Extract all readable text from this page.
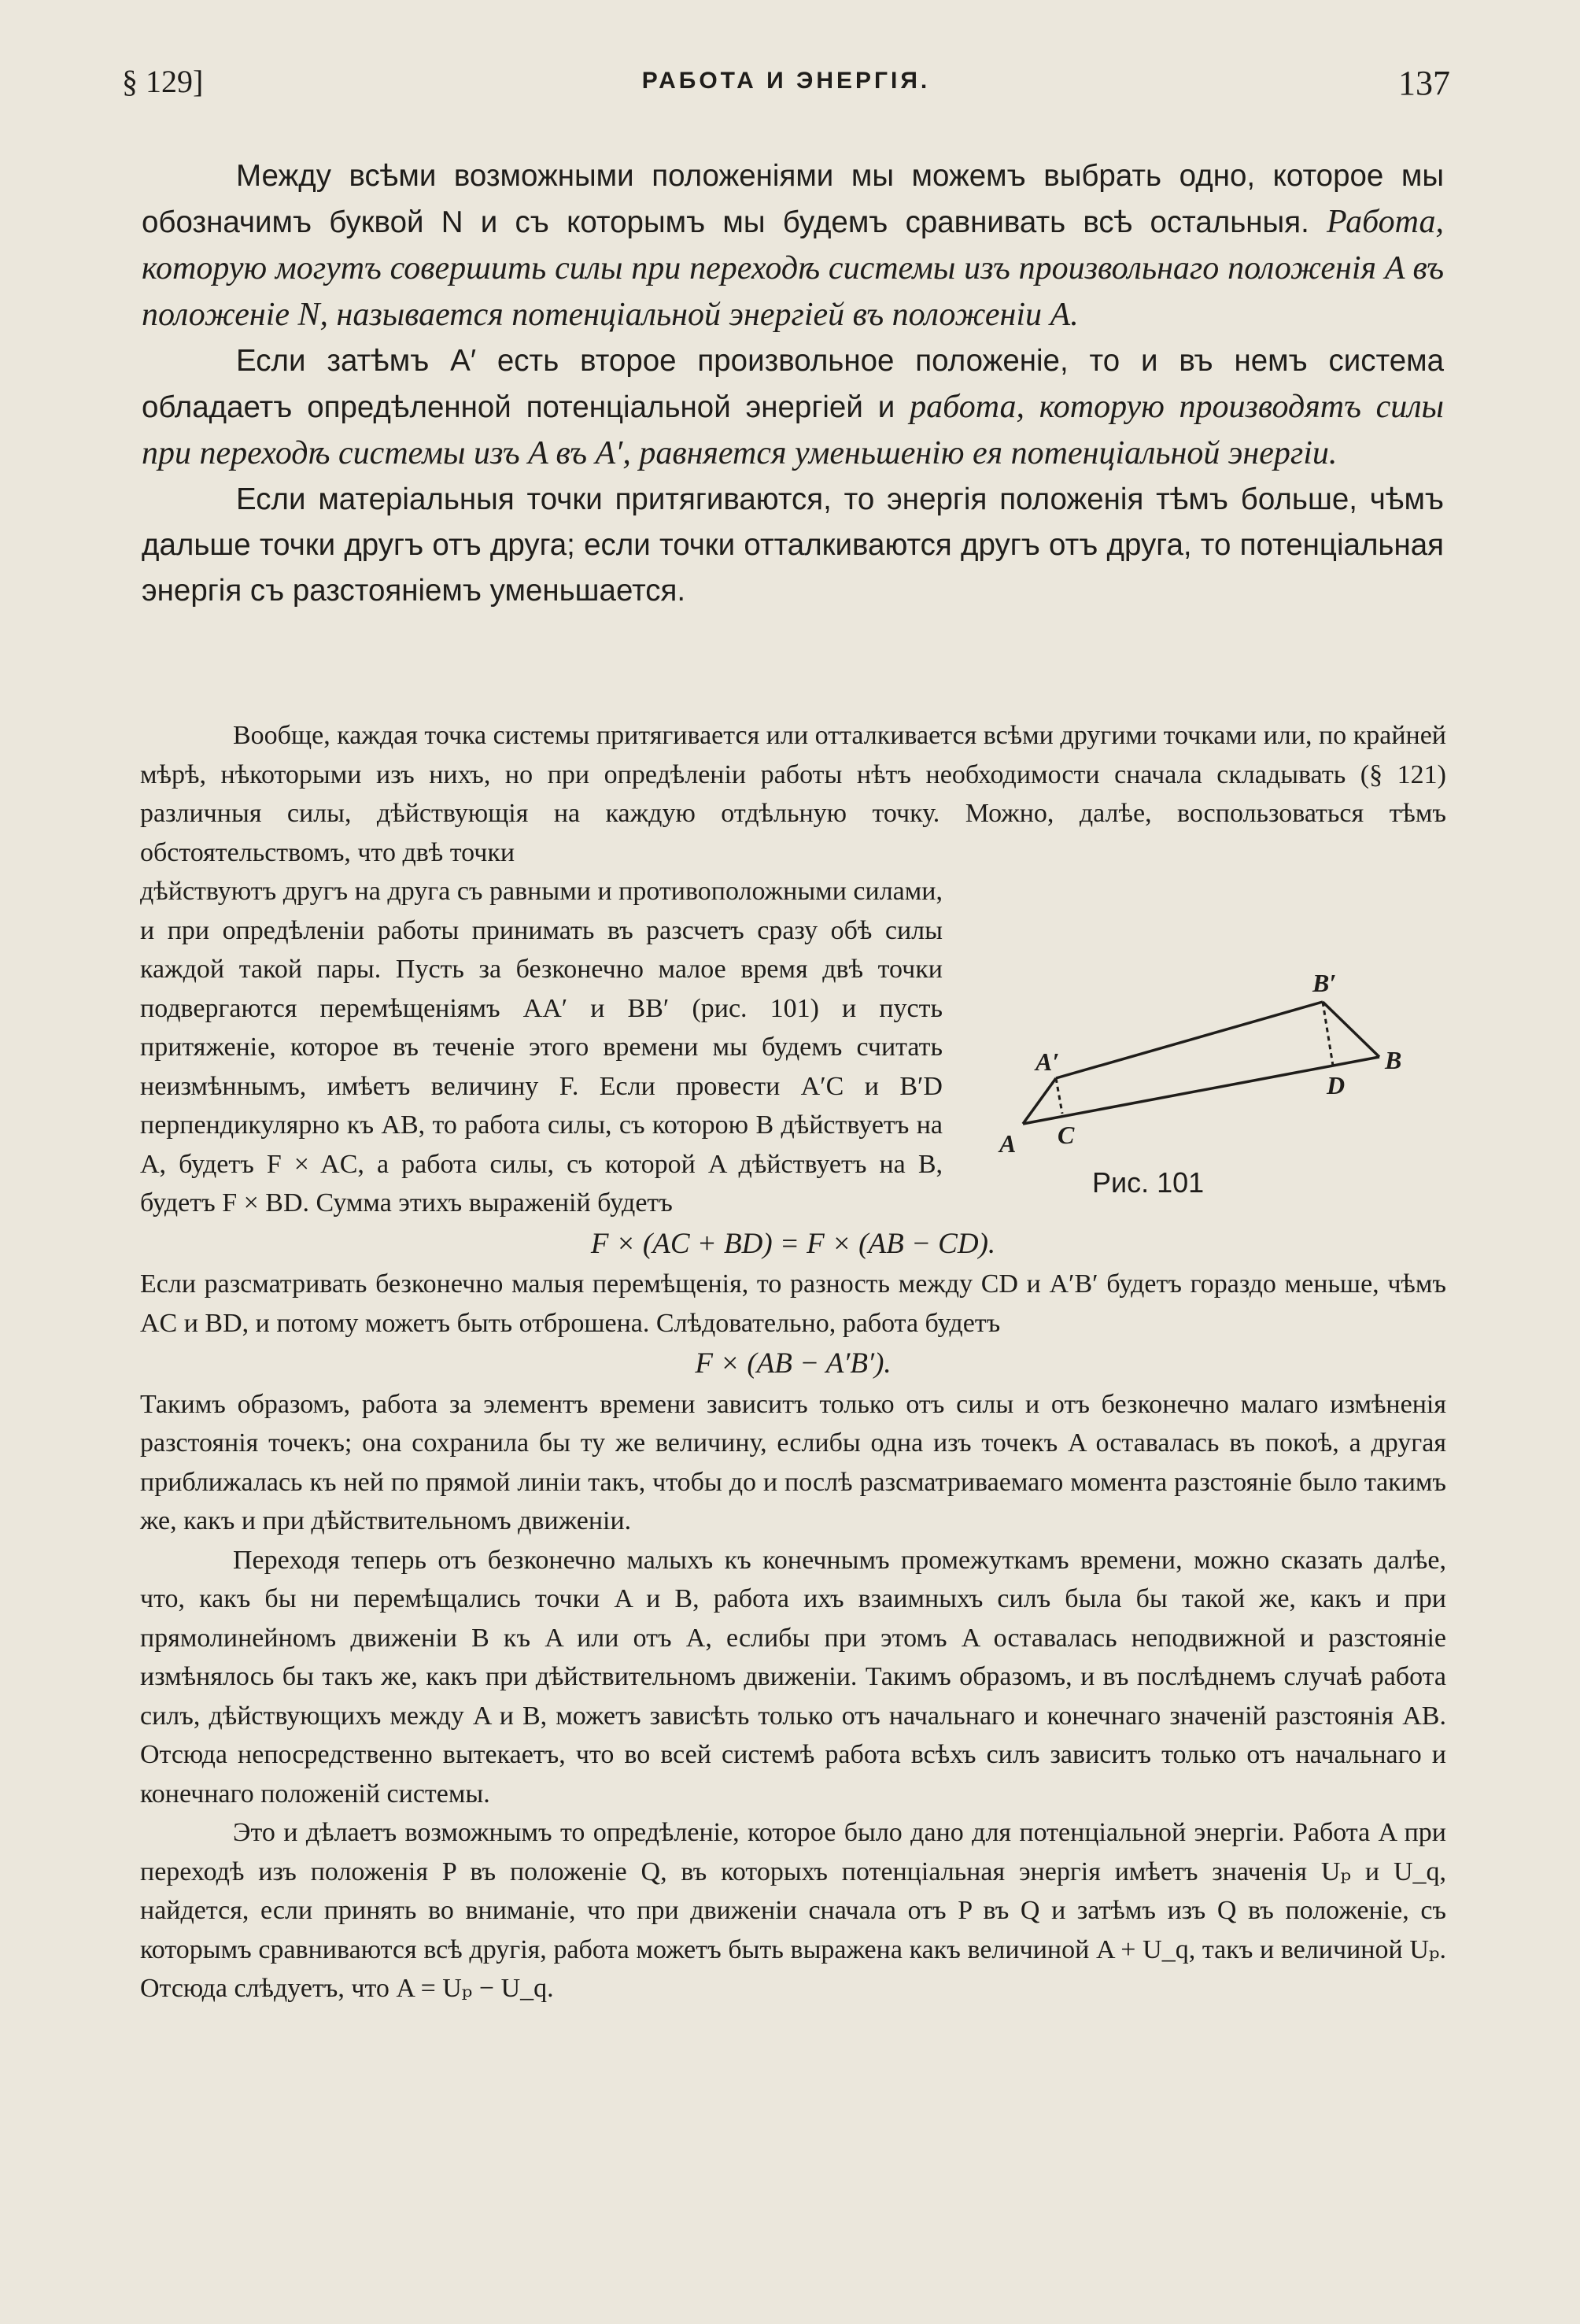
§ 129]	РАБОТА И ЭНЕРГІЯ.	137

Между всѣми возможными положеніями мы можемъ выбрать одно, которое мы обозначимъ буквой N и съ которымъ мы будемъ сравнивать всѣ остальныя. Работа, которую могутъ совершить силы при переходѣ системы изъ произвольнаго положенія A въ положеніе N, называется потенціальной энергіей въ положеніи A.

Если затѣмъ A′ есть второе произвольное положеніе, то и въ немъ система обладаетъ опредѣленной потенціальной энергіей и работа, которую производятъ силы при переходѣ системы изъ A въ A′, равняется уменьшенію ея потенціальной энергіи.

Если матеріальныя точки притягиваются, то энергія положенія тѣмъ больше, чѣмъ дальше точки другъ отъ друга; если точки отталкиваются другъ отъ друга, то потенціальная энергія съ разстояніемъ уменьшается.

Вообще, каждая точка системы притягивается или отталкивается всѣми другими точками или, по крайней мѣрѣ, нѣкоторыми изъ нихъ, но при опредѣленіи работы нѣтъ необходимости сначала складывать (§ 121) различныя силы, дѣйствующія на каждую отдѣльную точку. Можно, далѣе, воспользоваться тѣмъ обстоятельствомъ, что двѣ точки

A
A′
C
B′
B
D
Рис. 101

дѣйствуютъ другъ на друга съ равными и противоположными силами, и при опредѣленіи работы принимать въ разсчетъ сразу обѣ силы каждой такой пары. Пусть за безконечно малое время двѣ точки подвергаются перемѣщеніямъ AA′ и BB′ (рис. 101) и пусть притяженіе, которое въ теченіе этого времени мы будемъ считать неизмѣннымъ, имѣетъ величину F. Если провести A′C и B′D перпендикулярно къ AB, то работа силы, съ которою B дѣйствуетъ на A, будетъ F × AC, а работа силы, съ которой A дѣйствуетъ на B, будетъ F × BD. Сумма этихъ выраженій будетъ

F × (AC + BD) = F × (AB − CD).

Если разсматривать безконечно малыя перемѣщенія, то разность между CD и A′B′ будетъ гораздо меньше, чѣмъ AC и BD, и потому можетъ быть отброшена. Слѣдовательно, работа будетъ

F × (AB − A′B′).

Такимъ образомъ, работа за элементъ времени зависитъ только отъ силы и отъ безконечно малаго измѣненія разстоянія точекъ; она сохранила бы ту же величину, еслибы одна изъ точекъ A оставалась въ покоѣ, а другая приближалась къ ней по прямой линіи такъ, чтобы до и послѣ разсматриваемаго момента разстояніе было такимъ же, какъ и при дѣйствительномъ движеніи.

Переходя теперь отъ безконечно малыхъ къ конечнымъ промежуткамъ времени, можно сказать далѣе, что, какъ бы ни перемѣщались точки A и B, работа ихъ взаимныхъ силъ была бы такой же, какъ и при прямолинейномъ движеніи B къ A или отъ A, еслибы при этомъ A оставалась неподвижной и разстояніе измѣнялось бы такъ же, какъ при дѣйствительномъ движеніи. Такимъ образомъ, и въ послѣднемъ случаѣ работа силъ, дѣйствующихъ между A и B, можетъ зависѣть только отъ начальнаго и конечнаго значеній разстоянія AB. Отсюда непосредственно вытекаетъ, что во всей системѣ работа всѣхъ силъ зависитъ только отъ начальнаго и конечнаго положеній системы.

Это и дѣлаетъ возможнымъ то опредѣленіе, которое было дано для потенціальной энергіи. Работа A при переходѣ изъ положенія P въ положеніе Q, въ которыхъ потенціальная энергія имѣетъ значенія Uₚ и U_q, найдется, если принять во вниманіе, что при движеніи сначала отъ P въ Q и затѣмъ изъ Q въ положеніе, съ которымъ сравниваются всѣ другія, работа можетъ быть выражена какъ величиной A + U_q, такъ и величиной Uₚ. Отсюда слѣдуетъ, что A = Uₚ − U_q.
